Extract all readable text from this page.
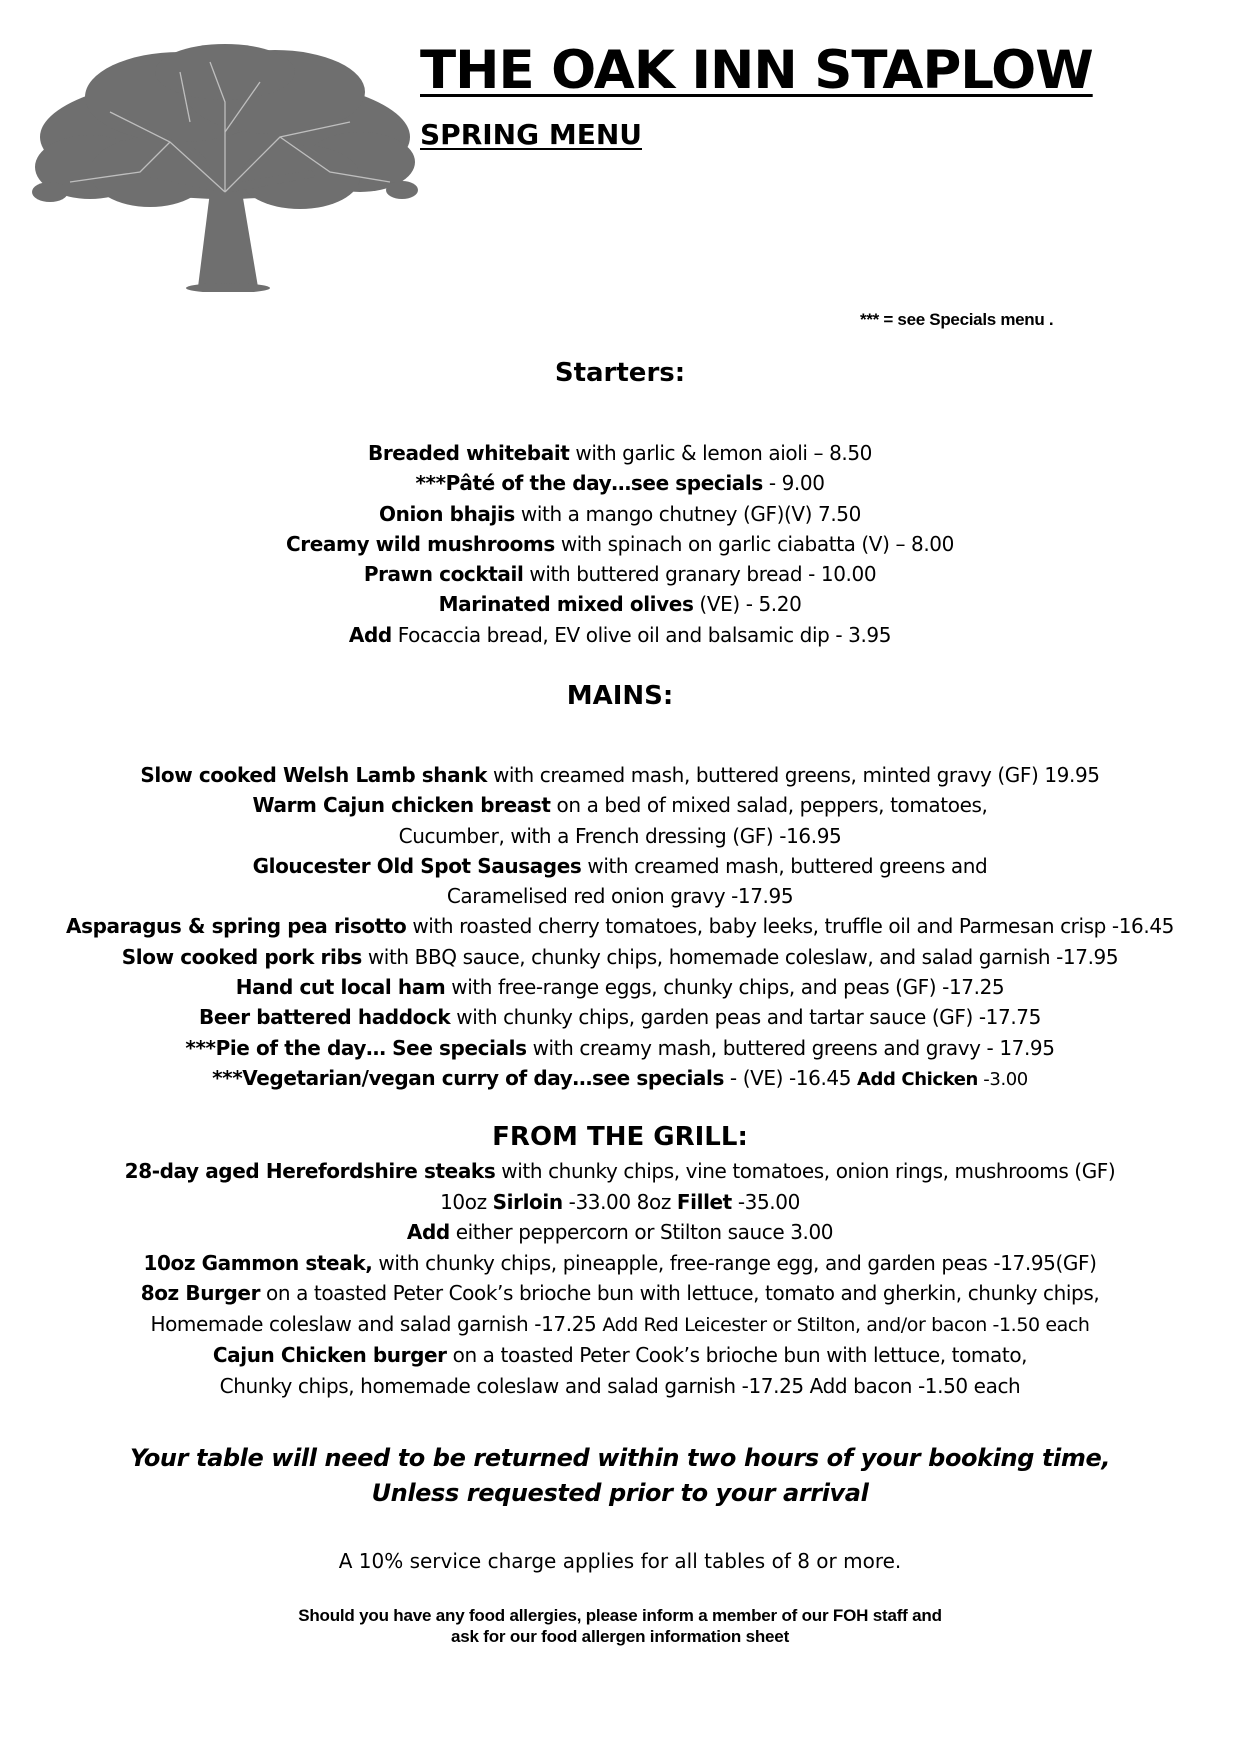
THE OAK INN STAPLOW
SPRING MENU
*** = see Specials menu .
Starters:
Breaded whitebait with garlic & lemon aioli – 8.50
***Pâté of the day…see specials - 9.00
Onion bhajis with a mango chutney (GF)(V) 7.50
Creamy wild mushrooms with spinach on garlic ciabatta (V) – 8.00
Prawn cocktail with buttered granary bread - 10.00
Marinated mixed olives (VE) - 5.20
Add Focaccia bread, EV olive oil and balsamic dip - 3.95
MAINS:
Slow cooked Welsh Lamb shank with creamed mash, buttered greens, minted gravy (GF) 19.95
Warm Cajun chicken breast on a bed of mixed salad, peppers, tomatoes,
Cucumber, with a French dressing (GF) -16.95
Gloucester Old Spot Sausages with creamed mash, buttered greens and
Caramelised red onion gravy -17.95
Asparagus & spring pea risotto with roasted cherry tomatoes, baby leeks, truffle oil and Parmesan crisp -16.45
Slow cooked pork ribs with BBQ sauce, chunky chips, homemade coleslaw, and salad garnish -17.95
Hand cut local ham with free-range eggs, chunky chips, and peas (GF) -17.25
Beer battered haddock with chunky chips, garden peas and tartar sauce (GF) -17.75
***Pie of the day… See specials with creamy mash, buttered greens and gravy - 17.95
***Vegetarian/vegan curry of day…see specials - (VE) -16.45 Add Chicken -3.00
FROM THE GRILL:
28-day aged Herefordshire steaks with chunky chips, vine tomatoes, onion rings, mushrooms (GF)
10oz Sirloin -33.00 8oz Fillet -35.00
Add either peppercorn or Stilton sauce 3.00
10oz Gammon steak, with chunky chips, pineapple, free-range egg, and garden peas -17.95(GF)
8oz Burger on a toasted Peter Cook’s brioche bun with lettuce, tomato and gherkin, chunky chips,
Homemade coleslaw and salad garnish -17.25 Add Red Leicester or Stilton, and/or bacon -1.50 each
Cajun Chicken burger on a toasted Peter Cook’s brioche bun with lettuce, tomato,
Chunky chips, homemade coleslaw and salad garnish -17.25 Add bacon -1.50 each
Your table will need to be returned within two hours of your booking time,
Unless requested prior to your arrival
A 10% service charge applies for all tables of 8 or more.
Should you have any food allergies, please inform a member of our FOH staff and
ask for our food allergen information sheet
